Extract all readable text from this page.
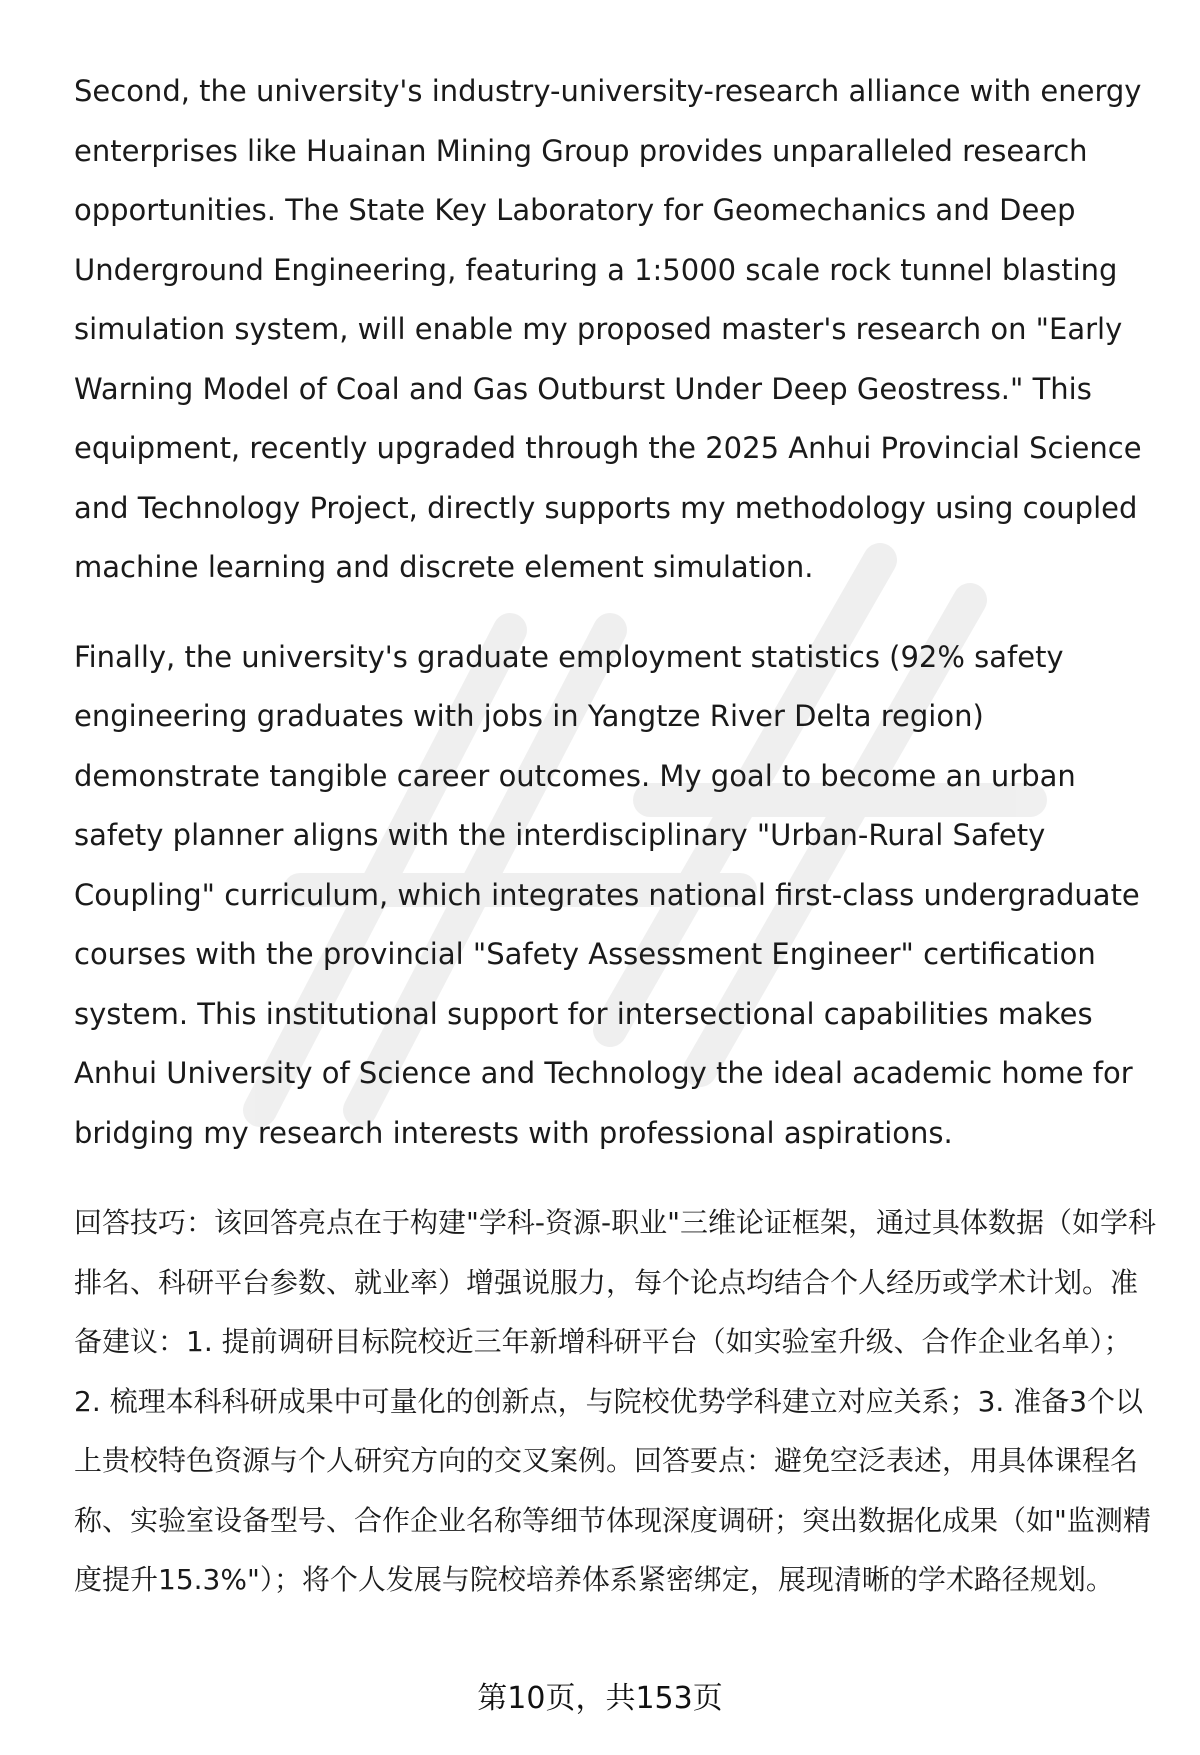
Second, the university's industry-university-research alliance with energy enterprises like Huainan Mining Group provides unparalleled research opportunities. The State Key Laboratory for Geomechanics and Deep Underground Engineering, featuring a 1:5000 scale rock tunnel blasting simulation system, will enable my proposed master's research on "Early Warning Model of Coal and Gas Outburst Under Deep Geostress." This equipment, recently upgraded through the 2025 Anhui Provincial Science and Technology Project, directly supports my methodology using coupled machine learning and discrete element simulation.

Finally, the university's graduate employment statistics (92% safety engineering graduates with jobs in Yangtze River Delta region) demonstrate tangible career outcomes. My goal to become an urban safety planner aligns with the interdisciplinary "Urban-Rural Safety Coupling" curriculum, which integrates national first-class undergraduate courses with the provincial "Safety Assessment Engineer" certification system. This institutional support for intersectional capabilities makes Anhui University of Science and Technology the ideal academic home for bridging my research interests with professional aspirations.

回答技巧：该回答亮点在于构建"学科-资源-职业"三维论证框架，通过具体数据（如学科排名、科研平台参数、就业率）增强说服力，每个论点均结合个人经历或学术计划。准备建议：1. 提前调研目标院校近三年新增科研平台（如实验室升级、合作企业名单）；2. 梳理本科科研成果中可量化的创新点，与院校优势学科建立对应关系；3. 准备3个以上贵校特色资源与个人研究方向的交叉案例。回答要点：避免空泛表述，用具体课程名称、实验室设备型号、合作企业名称等细节体现深度调研；突出数据化成果（如"监测精度提升15.3%"）；将个人发展与院校培养体系紧密绑定，展现清晰的学术路径规划。

第10页，共153页
